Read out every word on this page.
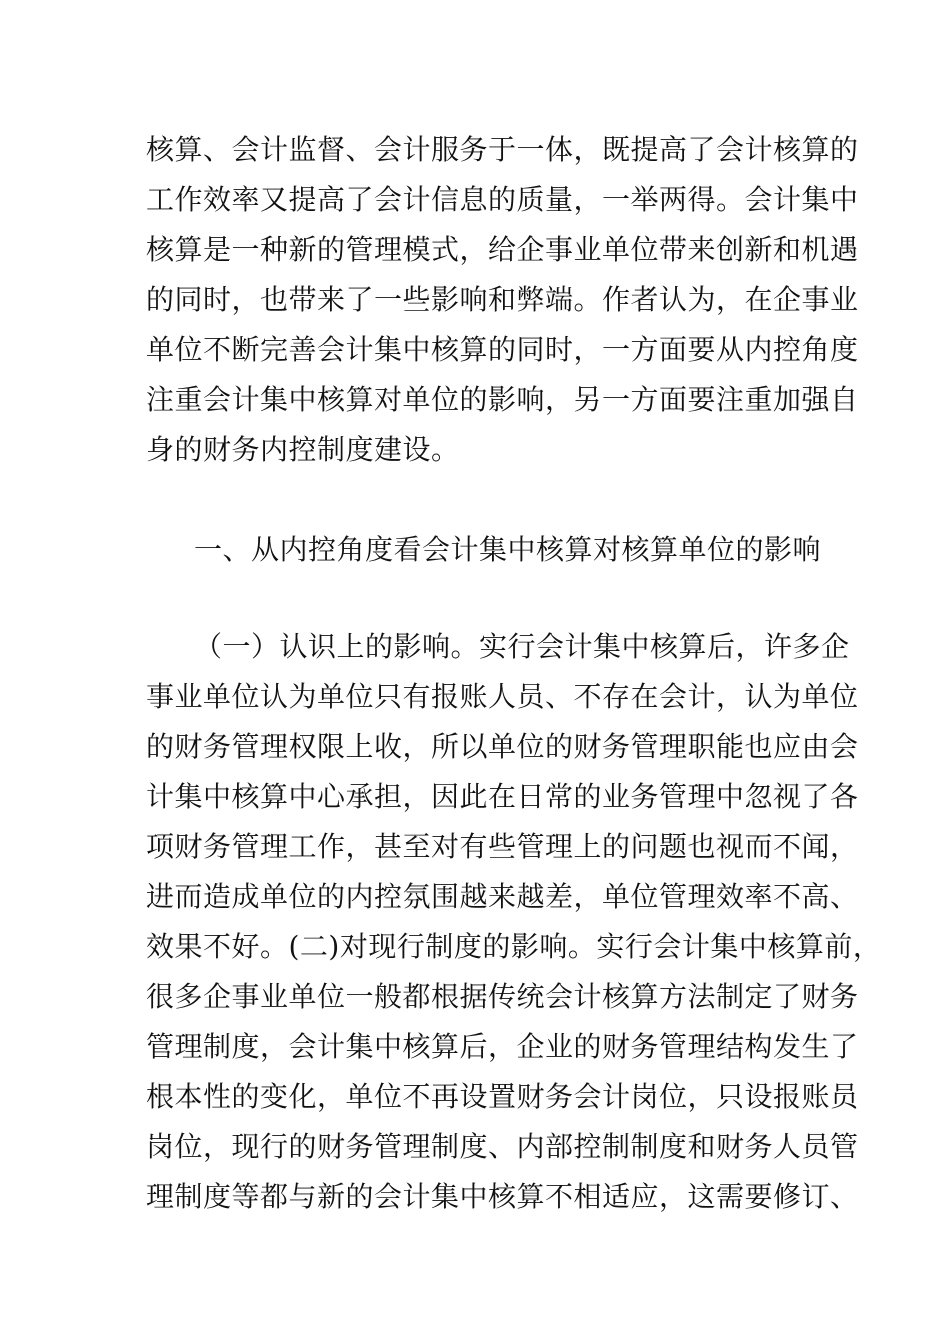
核算、会计监督、会计服务于一体，既提高了会计核算的
工作效率又提高了会计信息的质量，一举两得。会计集中
核算是一种新的管理模式，给企事业单位带来创新和机遇
的同时，也带来了一些影响和弊端。作者认为，在企事业
单位不断完善会计集中核算的同时，一方面要从内控角度
注重会计集中核算对单位的影响，另一方面要注重加强自
身的财务内控制度建设。
一、从内控角度看会计集中核算对核算单位的影响
（一）认识上的影响。实行会计集中核算后，许多企
事业单位认为单位只有报账人员、不存在会计，认为单位
的财务管理权限上收，所以单位的财务管理职能也应由会
计集中核算中心承担，因此在日常的业务管理中忽视了各
项财务管理工作，甚至对有些管理上的问题也视而不闻，
进而造成单位的内控氛围越来越差，单位管理效率不高、
效果不好。(二)对现行制度的影响。实行会计集中核算前，
很多企事业单位一般都根据传统会计核算方法制定了财务
管理制度，会计集中核算后，企业的财务管理结构发生了
根本性的变化，单位不再设置财务会计岗位，只设报账员
岗位，现行的财务管理制度、内部控制制度和财务人员管
理制度等都与新的会计集中核算不相适应，这需要修订、
